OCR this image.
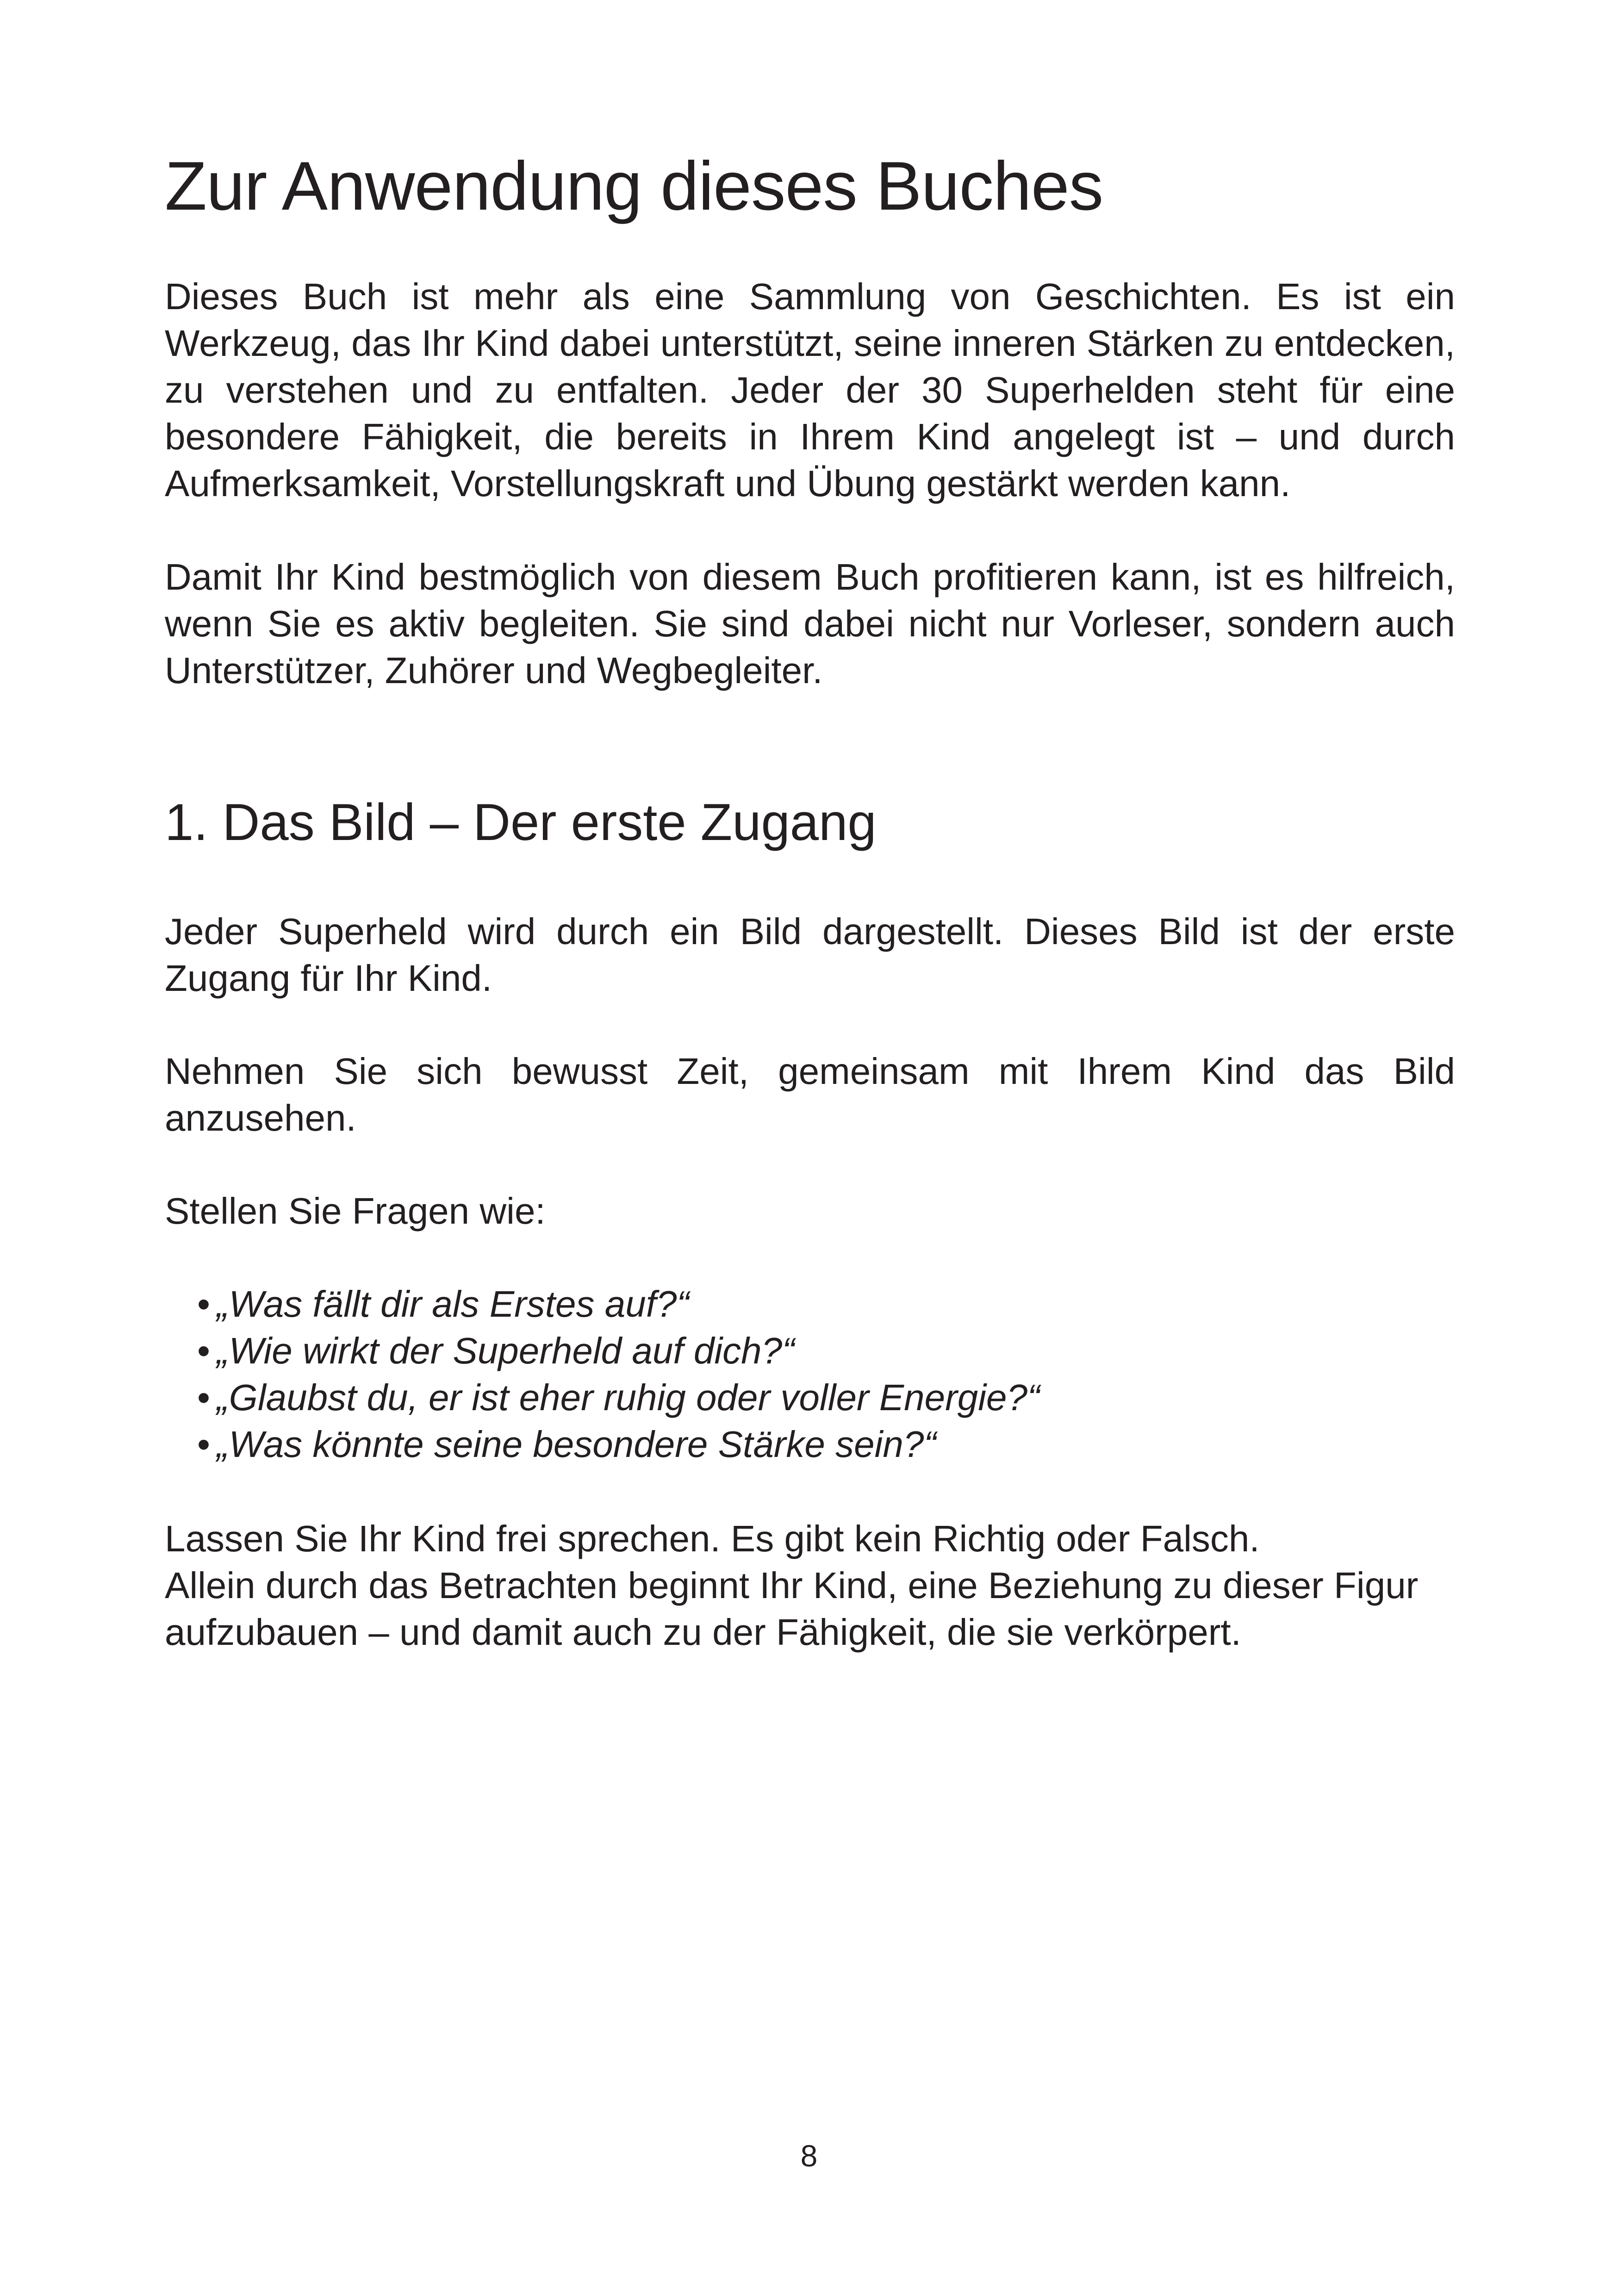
Zur Anwendung dieses Buches

Dieses Buch ist mehr als eine Sammlung von Geschichten. Es ist ein Werkzeug, das Ihr Kind dabei unterstützt, seine inneren Stärken zu entdecken, zu verstehen und zu entfalten. Jeder der 30 Superhelden steht für eine besondere Fähigkeit, die bereits in Ihrem Kind angelegt ist – und durch Aufmerksamkeit, Vorstellungskraft und Übung gestärkt werden kann.

Damit Ihr Kind bestmöglich von diesem Buch profitieren kann, ist es hilfreich, wenn Sie es aktiv begleiten. Sie sind dabei nicht nur Vorleser, sondern auch Unterstützer, Zuhörer und Wegbegleiter.

1. Das Bild – Der erste Zugang

Jeder Superheld wird durch ein Bild dargestellt. Dieses Bild ist der erste Zugang für Ihr Kind.

Nehmen Sie sich bewusst Zeit, gemeinsam mit Ihrem Kind das Bild anzusehen.

Stellen Sie Fragen wie:

• „Was fällt dir als Erstes auf?“
• „Wie wirkt der Superheld auf dich?“
• „Glaubst du, er ist eher ruhig oder voller Energie?“
• „Was könnte seine besondere Stärke sein?“
Lassen Sie Ihr Kind frei sprechen. Es gibt kein Richtig oder Falsch.
Allein durch das Betrachten beginnt Ihr Kind, eine Beziehung zu dieser Figur aufzubauen – und damit auch zu der Fähigkeit, die sie verkörpert.
8
